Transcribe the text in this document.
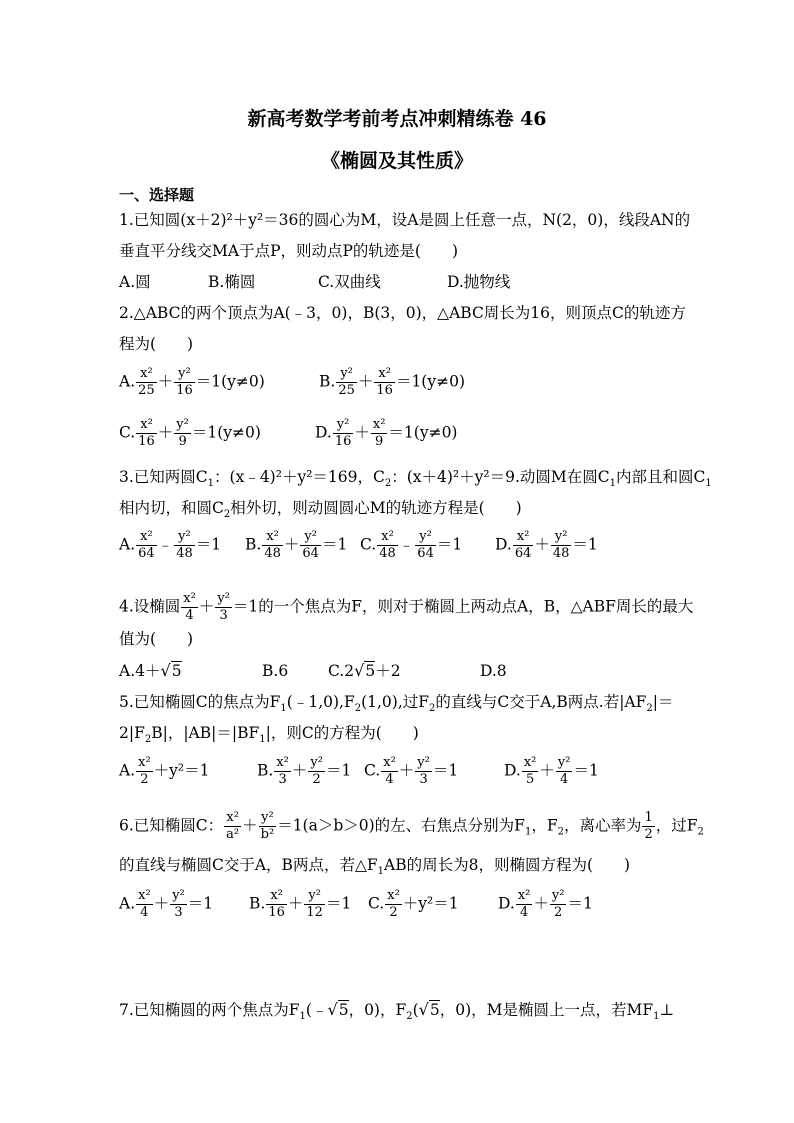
新高考数学考前考点冲刺精练卷 46
《椭圆及其性质》
一、选择题
1.已知圆(x＋2)²＋y²＝36的圆心为M，设A是圆上任意一点，N(2，0)，线段AN的
垂直平分线交MA于点P，则动点P的轨迹是(　　)
A.圆	B.椭圆	C.双曲线	D.抛物线
2.△ABC的两个顶点为A(﹣3，0)，B(3，0)，△ABC周长为16，则顶点C的轨迹方
程为(　　)
A. $\frac{\text{x²}}{25} + \frac{\text{y²}}{16} =1(y\ne 0)$	B. $\frac{\text{y²}}{25} + \frac{\text{x²}}{16} =1(y\ne 0)$
C. $\frac{\text{x²}}{16} + \frac{\text{y²}}{9} =1(y\ne 0)$	D. $\frac{\text{y²}}{16} + \frac{\text{x²}}{9} =1(y\ne 0)$
3.已知两圆$C_1$：(x﹣4)²＋y²＝169，$C_2$：(x＋4)²＋y²＝9.动圆M在圆$C_1$内部且和圆$C_1$
相内切，和圆$C_2$相外切，则动圆圆心M的轨迹方程是(　　)
A. $\frac{\text{x²}}{64}$ ﹣ $\frac{\text{y²}}{48} =1$ B. $\frac{\text{x²}}{48} + \frac{\text{y²}}{64} =1$ C. $\frac{\text{x²}}{48}$ ﹣ $\frac{\text{y²}}{64} =1$ D. $\frac{\text{x²}}{64} + \frac{\text{y²}}{48} =1$
4.设椭圆 $\frac{\text{x²}}{4} + \frac{\text{y²}}{3} =1$的一个焦点为F，则对于椭圆上两动点A，B，△ABF周长的最大
值为(　　)
A.4＋√5	B.6	C.2√5＋2	D.8
5.已知椭圆C的焦点为$F_1(﹣1,0),F_2(1,0)$,过$F_2$的直线与C交于A,B两点.若$|AF_2|=$
$2|F_2B|$，$|AB|=|BF_1|$，则C的方程为(　　)
A. $\frac{\text{x²}}{2} +y^2=1$	B. $\frac{\text{x²}}{3} + \frac{\text{y²}}{2} =1$ C. $\frac{\text{x²}}{4} + \frac{\text{y²}}{3} =1$	D. $\frac{\text{x²}}{5} + \frac{\text{y²}}{4} =1$
6.已知椭圆C： $\frac{\text{x²}}{\text{a²}} + \frac{\text{y²}}{\text{b²}} =1(a>b>0)$的左、右焦点分别为$F_1$，$F_2$，离心率为 $\frac{1}{2}$ ，过$F_2$
的直线与椭圆C交于A，B两点，若$\triangle F_1AB$的周长为8，则椭圆方程为(　　)
A. $\frac{\text{x²}}{4} + \frac{\text{y²}}{3} =1$ B. $\frac{\text{x²}}{16} + \frac{\text{y²}}{12} =1$ C. $\frac{\text{x²}}{2} +y^2=1$	D. $\frac{\text{x²}}{4} + \frac{\text{y²}}{2} =1$
7.已知椭圆的两个焦点为$F_1(﹣√5$，0)，$F_2(√5$，0)，M是椭圆上一点，若$MF_1\perp$
